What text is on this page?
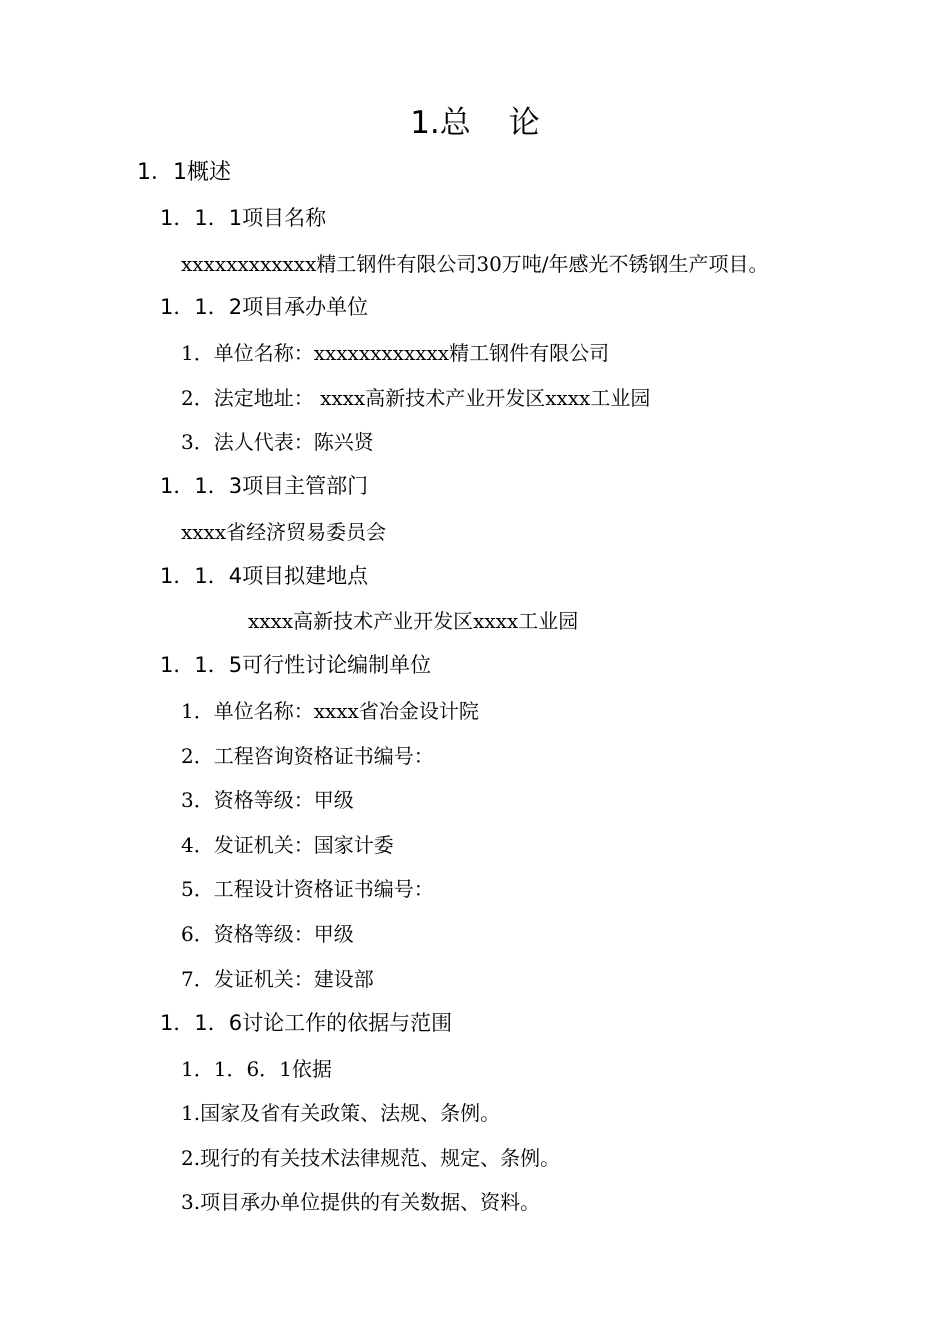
1.总 论
1．1概述
1．1．1项目名称
xxxxxxxxxxxx精工钢件有限公司30万吨/年感光不锈钢生产项目。
1．1．2项目承办单位
1．单位名称：xxxxxxxxxxxx精工钢件有限公司
2．法定地址： xxxx高新技术产业开发区xxxx工业园
3．法人代表：陈兴贤
1．1．3项目主管部门
xxxx省经济贸易委员会
1．1．4项目拟建地点
xxxx高新技术产业开发区xxxx工业园
1．1．5可行性讨论编制单位
1．单位名称：xxxx省冶金设计院
2．工程咨询资格证书编号：
3．资格等级：甲级
4．发证机关：国家计委
5．工程设计资格证书编号：
6．资格等级：甲级
7．发证机关：建设部
1．1．6讨论工作的依据与范围
1．1．6．1依据
1.国家及省有关政策、法规、条例。
2.现行的有关技术法律规范、规定、条例。
3.项目承办单位提供的有关数据、资料。
